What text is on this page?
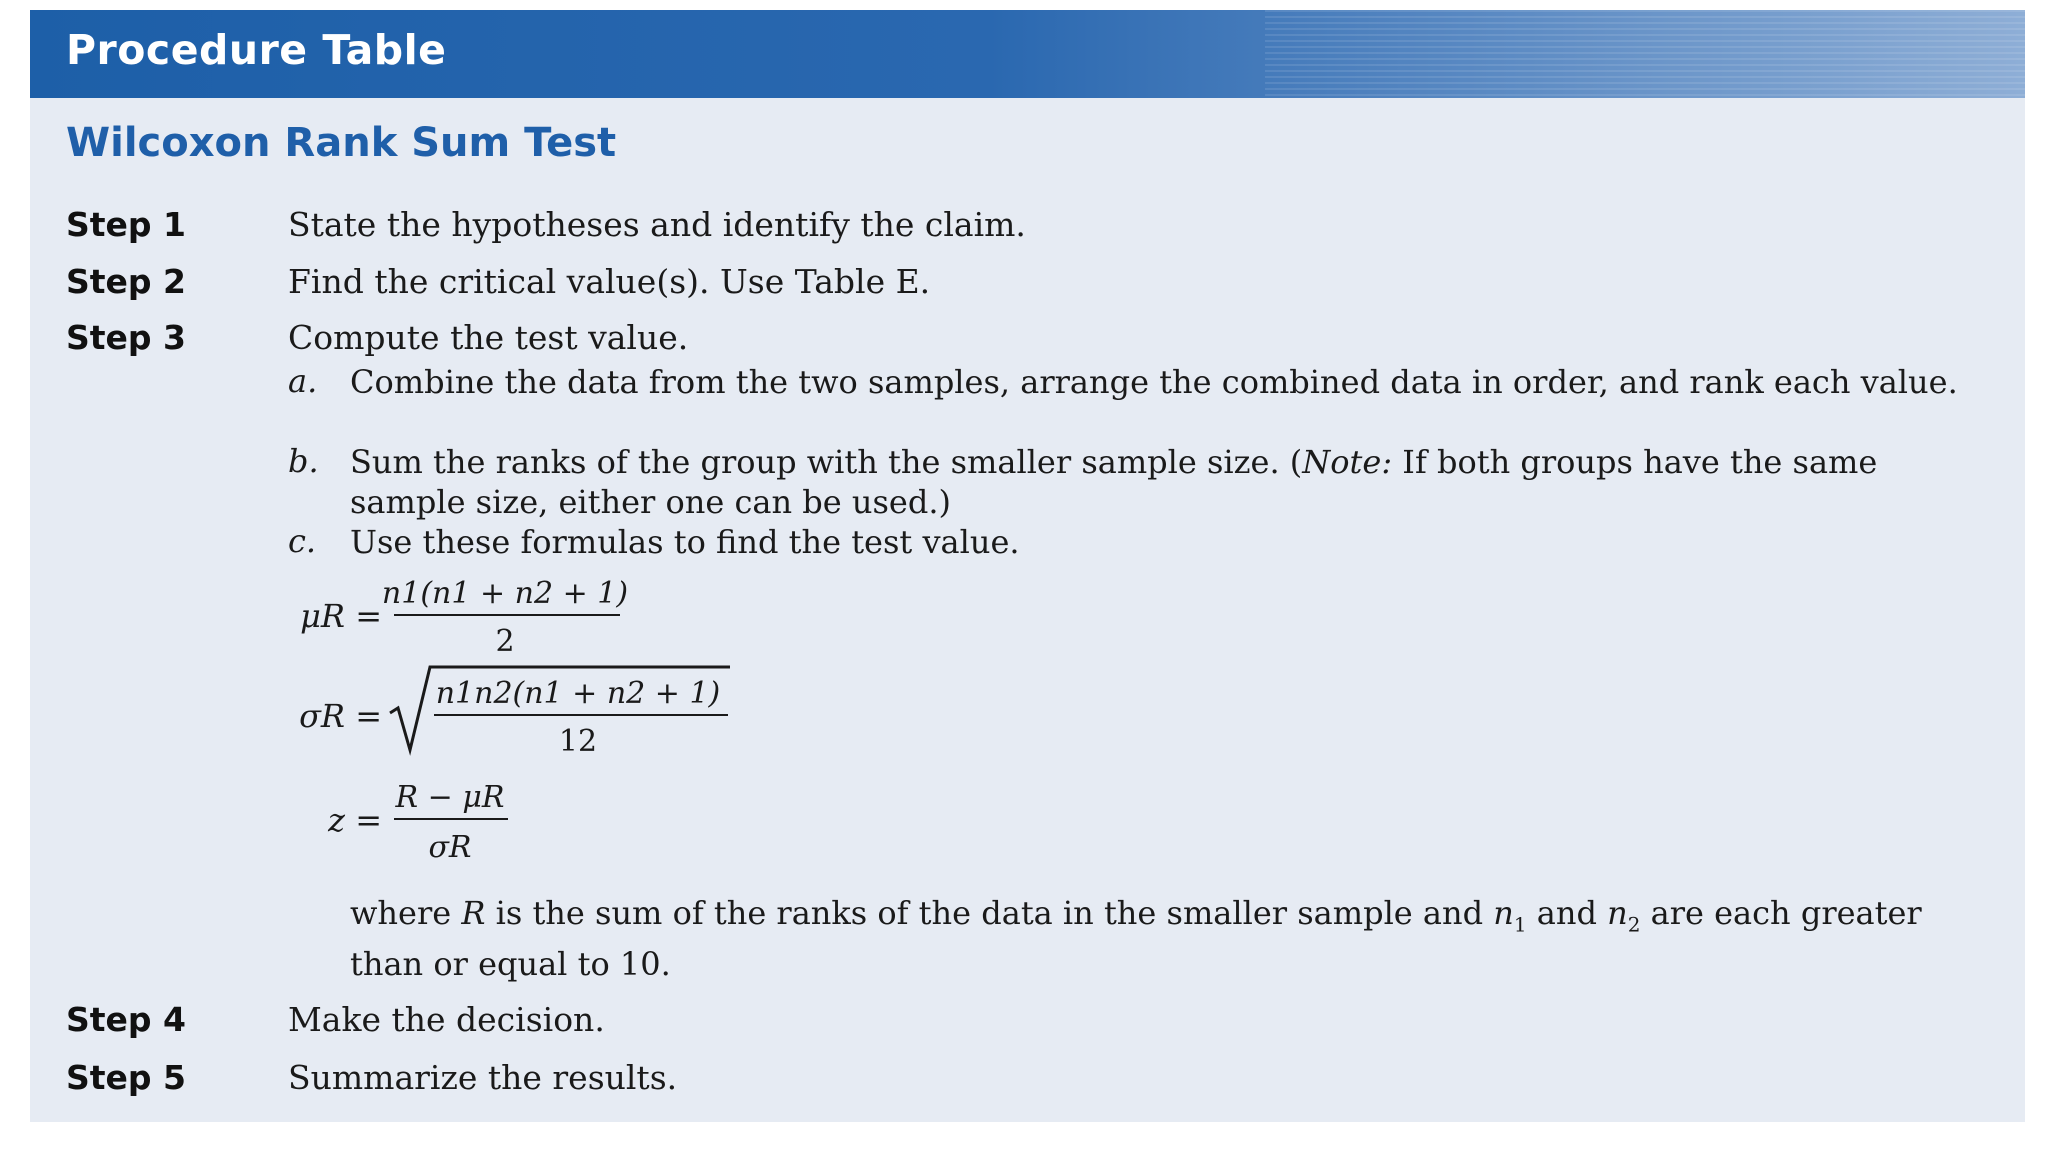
Procedure Table
Wilcoxon Rank Sum Test
Step 1	State the hypotheses and identify the claim.
Step 2	Find the critical value(s). Use Table E.
Step 3	Compute the test value.
a. Combine the data from the two samples, arrange the combined data in order, and rank each value.
b. Sum the ranks of the group with the smaller sample size. (Note: If both groups have the same sample size, either one can be used.)
c. Use these formulas to find the test value.
μR =
n1(n1 + n2 + 1)
2
σR =
n1n2(n1 + n2 + 1)
12
z =
R − μR
σR
where R is the sum of the ranks of the data in the smaller sample and $n_1$ and $n_2$ are each greater than or equal to 10.
Step 4	Make the decision.
Step 5	Summarize the results.
